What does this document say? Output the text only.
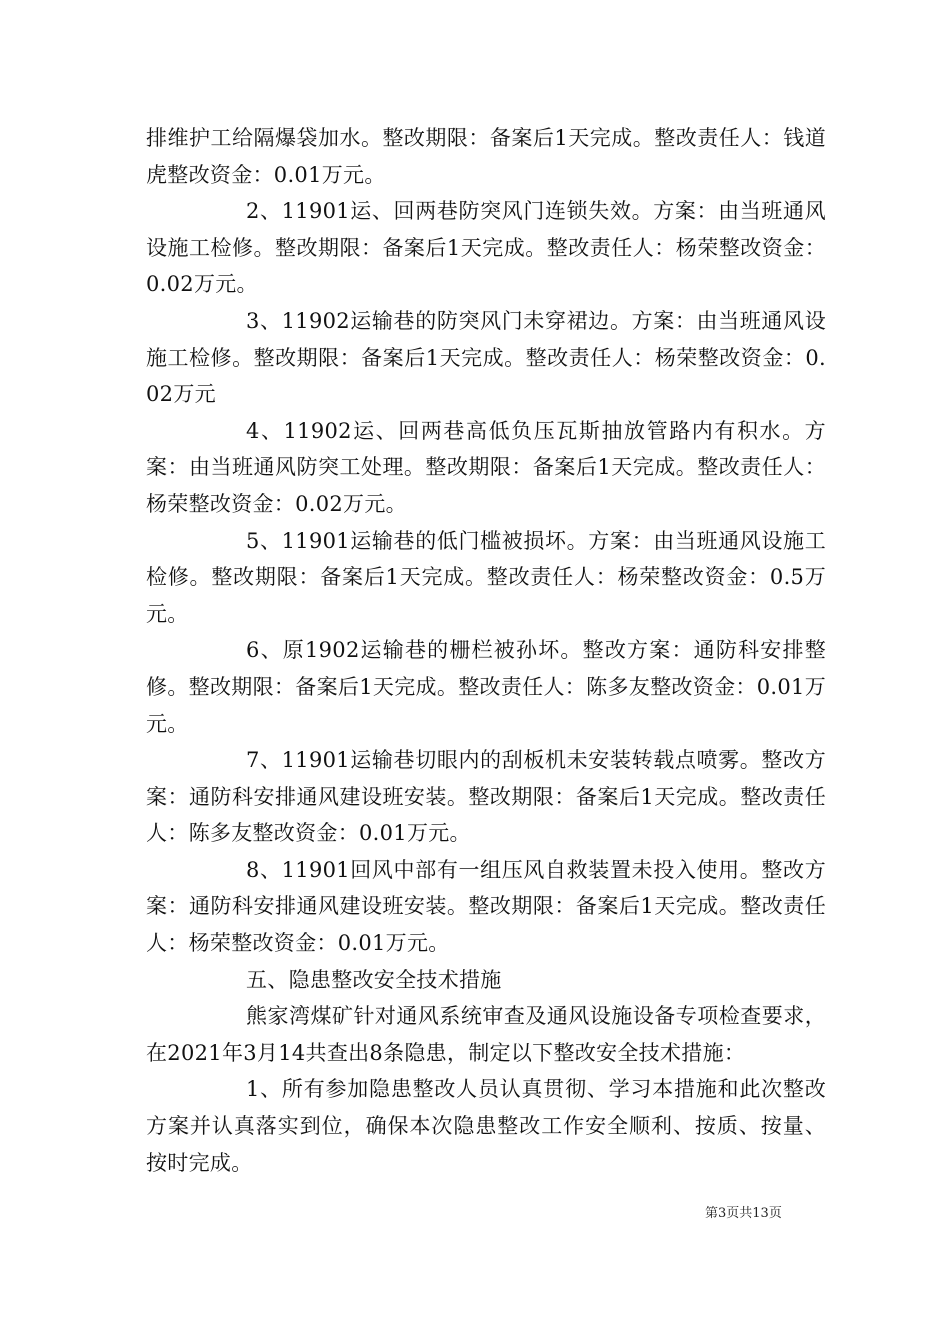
排维护工给隔爆袋加水。整改期限：备案后1天完成。整改责任人：钱道虎整改资金：0.01万元。

2、11901运、回两巷防突风门连锁失效。方案：由当班通风设施工检修。整改期限：备案后1天完成。整改责任人：杨荣整改资金：0.02万元。

3、11902运输巷的防突风门未穿裙边。方案：由当班通风设施工检修。整改期限：备案后1天完成。整改责任人：杨荣整改资金：0.02万元

4、11902运、回两巷高低负压瓦斯抽放管路内有积水。方案：由当班通风防突工处理。整改期限：备案后1天完成。整改责任人：杨荣整改资金：0.02万元。

5、11901运输巷的低门槛被损坏。方案：由当班通风设施工检修。整改期限：备案后1天完成。整改责任人：杨荣整改资金：0.5万元。

6、原1902运输巷的栅栏被孙坏。整改方案：通防科安排整修。整改期限：备案后1天完成。整改责任人：陈多友整改资金：0.01万元。

7、11901运输巷切眼内的刮板机未安装转载点喷雾。整改方案：通防科安排通风建设班安装。整改期限：备案后1天完成。整改责任人：陈多友整改资金：0.01万元。

8、11901回风中部有一组压风自救装置未投入使用。整改方案：通防科安排通风建设班安装。整改期限：备案后1天完成。整改责任人：杨荣整改资金：0.01万元。

五、隐患整改安全技术措施

熊家湾煤矿针对通风系统审查及通风设施设备专项检查要求，在2021年3月14共查出8条隐患，制定以下整改安全技术措施：

1、所有参加隐患整改人员认真贯彻、学习本措施和此次整改方案并认真落实到位，确保本次隐患整改工作安全顺利、按质、按量、按时完成。

第3页共13页
